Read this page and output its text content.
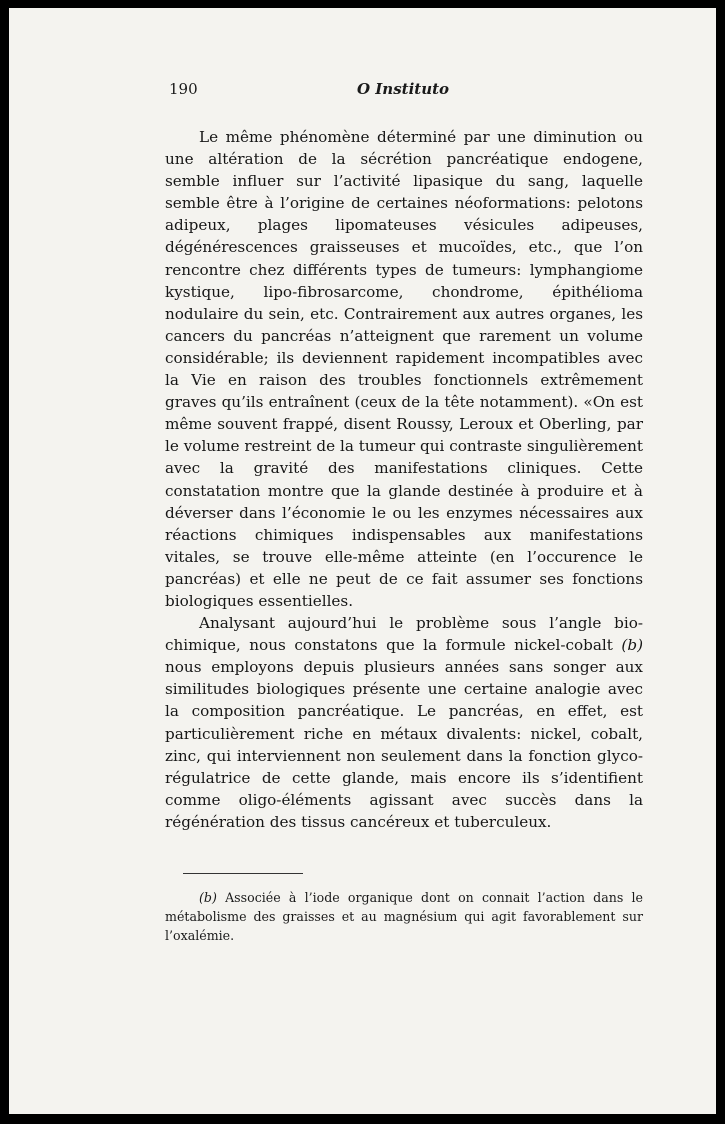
190	O Instituto

Le même phénomène déterminé par une diminution ou une altération de la sécrétion pancréatique endogene, semble influer sur l’activité lipasique du sang, laquelle semble être à l’origine de certaines néoformations: pelotons adipeux, plages lipomateuses vésicules adipeuses, dégénérescences graisseuses et mucoïdes, etc., que l’on rencontre chez différents types de tumeurs: lymphangiome kystique, lipo-fibrosarcome, chondrome, épithélioma nodulaire du sein, etc. Contrairement aux autres organes, les cancers du pancréas n’atteignent que rarement un volume considérable; ils deviennent rapidement incompatibles avec la Vie en raison des troubles fonctionnels extrêmement graves qu’ils entraînent (ceux de la tête notamment). «On est même souvent frappé, disent Roussy, Leroux et Oberling, par le volume restreint de la tumeur qui contraste singulièrement avec la gravité des manifestations cliniques. Cette constatation montre que la glande destinée à produire et à déverser dans l’économie le ou les enzymes nécessaires aux réactions chimiques indispensables aux manifestations vitales, se trouve elle-même atteinte (en l’occurence le pancréas) et elle ne peut de ce fait assumer ses fonctions biologiques essentielles.

Analysant aujourd’hui le problème sous l’angle bio-chimique, nous constatons que la formule nickel-cobalt (b) nous employons depuis plusieurs années sans songer aux similitudes biologiques présente une certaine analogie avec la composition pancréatique. Le pancréas, en effet, est particulièrement riche en métaux divalents: nickel, cobalt, zinc, qui interviennent non seulement dans la fonction glyco-régulatrice de cette glande, mais encore ils s’identifient comme oligo-éléments agissant avec succès dans la régénération des tissus cancéreux et tuberculeux.

(b) Associée à l’iode organique dont on connait l’action dans le métabolisme des graisses et au magnésium qui agit favorablement sur l’oxalémie.
